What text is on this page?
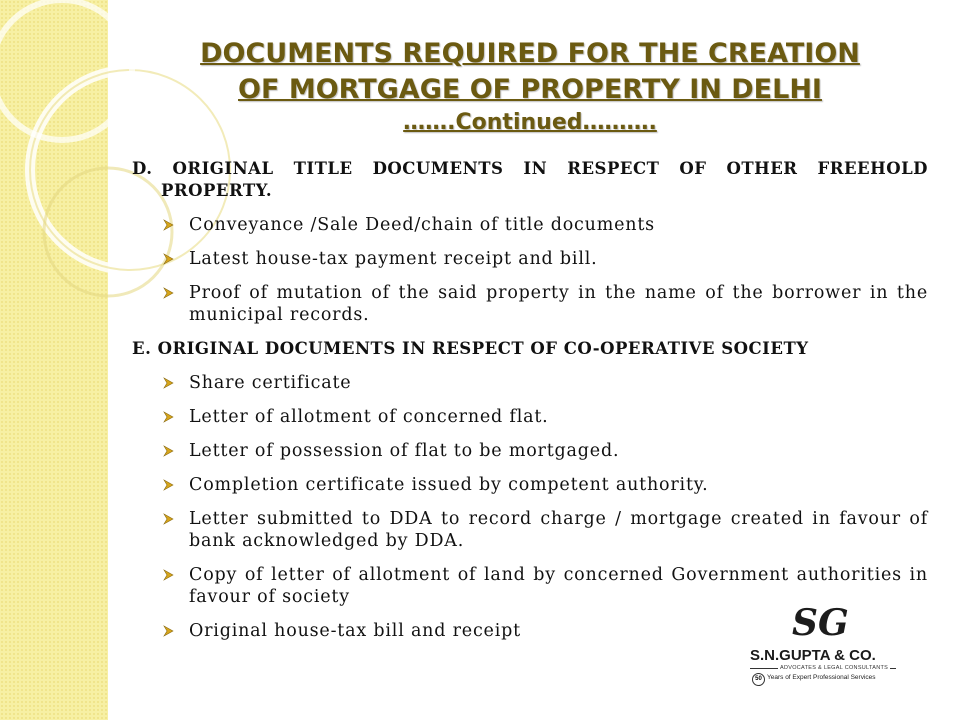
DOCUMENTS REQUIRED FOR THE CREATION
OF MORTGAGE OF PROPERTY IN DELHI
…….Continued……….
D. ORIGINAL TITLE DOCUMENTS IN RESPECT OF OTHER FREEHOLD PROPERTY.
Conveyance /Sale Deed/chain of title documents
Latest house-tax payment receipt and bill.
Proof of mutation of the said property in the name of the borrower in the municipal records.
E. ORIGINAL DOCUMENTS IN RESPECT OF CO-OPERATIVE SOCIETY
Share certificate
Letter of allotment of concerned flat.
Letter of possession of flat to be mortgaged.
Completion certificate issued by competent authority.
Letter submitted to DDA to record charge / mortgage created in favour of bank acknowledged by DDA.
Copy of letter of allotment of land by concerned Government authorities in favour of society
Original house-tax bill and receipt	SG
S.N.GUPTA & CO.
ADVOCATES & LEGAL CONSULTANTS
50 Years of Expert Professional Services
